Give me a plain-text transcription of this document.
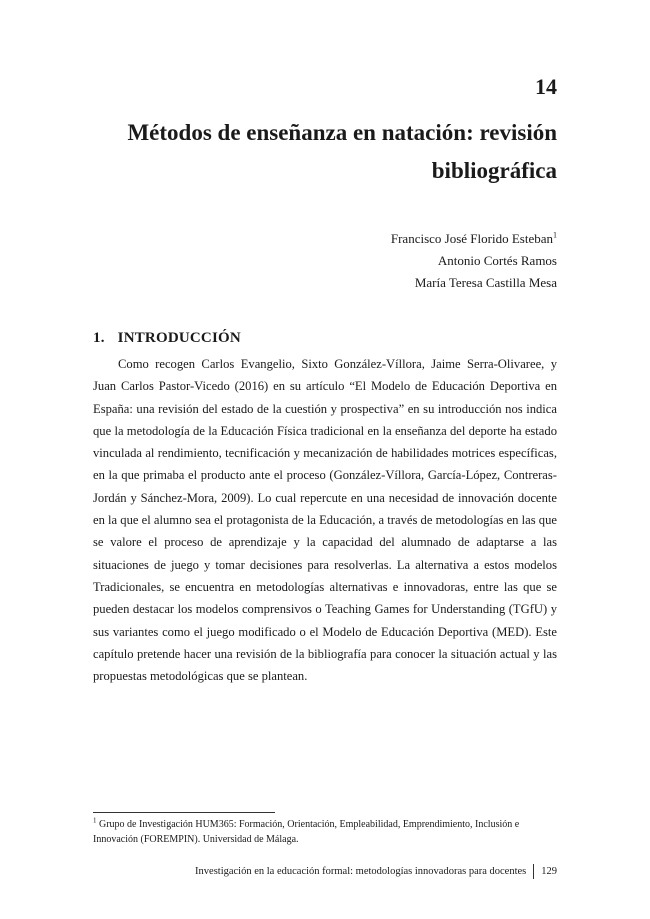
14
Métodos de enseñanza en natación: revisión
bibliográfica
Francisco José Florido Esteban$^1$
Antonio Cortés Ramos
María Teresa Castilla Mesa
1. INTRODUCCIÓN

Como recogen Carlos Evangelio, Sixto González-Víllora, Jaime Serra-Olivaree, y Juan Carlos Pastor-Vicedo (2016) en su artículo “El Modelo de Educación Deportiva en España: una revisión del estado de la cuestión y prospectiva” en su introducción nos indica que la metodología de la Educación Física tradicional en la enseñanza del deporte ha estado vinculada al rendimiento, tecnificación y mecanización de habilidades motrices específicas, en la que primaba el producto ante el proceso (González-Víllora, García-López, Contreras-Jordán y Sánchez-Mora, 2009). Lo cual repercute en una necesidad de innovación docente en la que el alumno sea el protagonista de la Educación, a través de metodologías en las que se valore el proceso de aprendizaje y la capacidad del alumnado de adaptarse a las situaciones de juego y tomar decisiones para resolverlas. La alternativa a estos modelos Tradicionales, se encuentra en metodologías alternativas e innovadoras, entre las que se pueden destacar los modelos comprensivos o Teaching Games for Understanding (TGfU) y sus variantes como el juego modificado o el Modelo de Educación Deportiva (MED). Este capítulo pretende hacer una revisión de la bibliografía para conocer la situación actual y las propuestas metodológicas que se plantean.

$^1$ Grupo de Investigación HUM365: Formación, Orientación, Empleabilidad, Emprendimiento, Inclusión e Innovación (FOREMPIN). Universidad de Málaga.

Investigación en la educación formal: metodologías innovadoras para docentes 129
